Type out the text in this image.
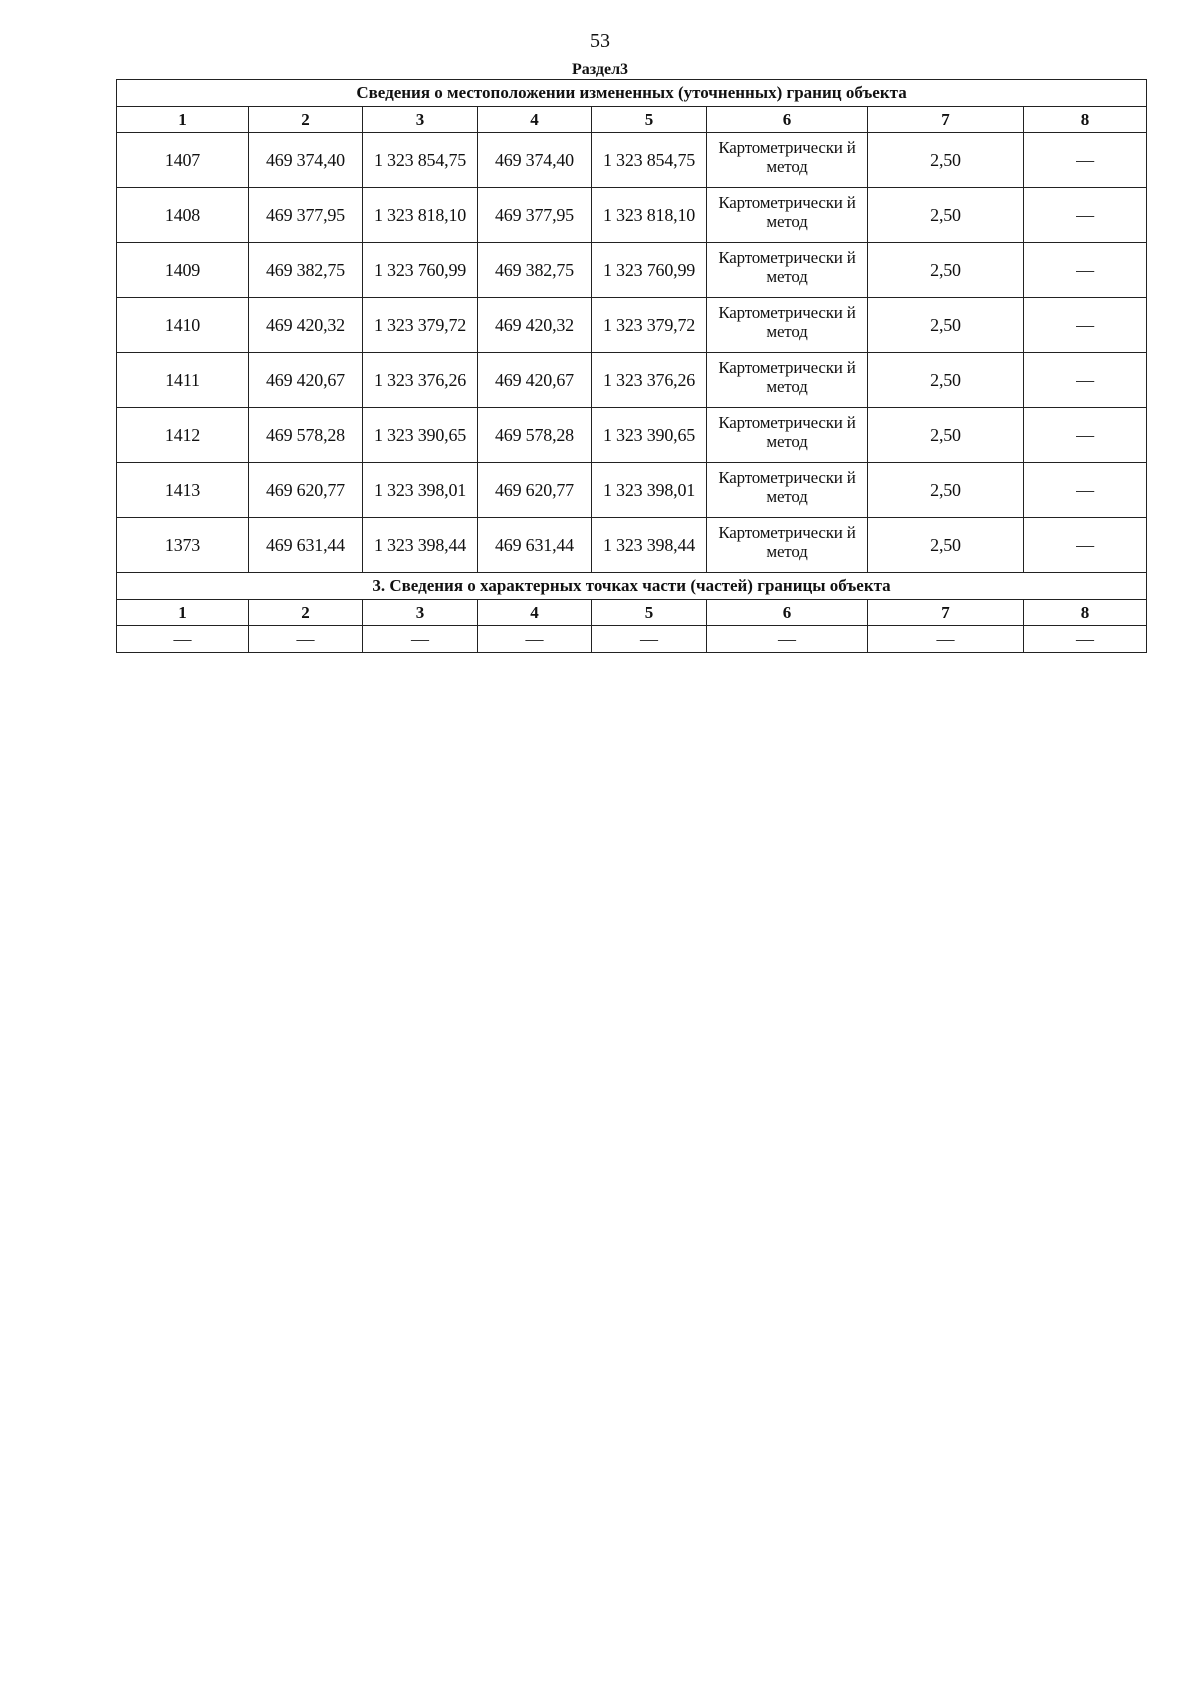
53
Раздел3
Сведения о местоположении измененных (уточненных) границ объекта							
1	2	3	4	5	6	7	8
1407	469 374,40	1 323 854,75	469 374,40	1 323 854,75	Картометрически й метод	2,50	—
1408	469 377,95	1 323 818,10	469 377,95	1 323 818,10	Картометрически й метод	2,50	—
1409	469 382,75	1 323 760,99	469 382,75	1 323 760,99	Картометрически й метод	2,50	—
1410	469 420,32	1 323 379,72	469 420,32	1 323 379,72	Картометрически й метод	2,50	—
1411	469 420,67	1 323 376,26	469 420,67	1 323 376,26	Картометрически й метод	2,50	—
1412	469 578,28	1 323 390,65	469 578,28	1 323 390,65	Картометрически й метод	2,50	—
1413	469 620,77	1 323 398,01	469 620,77	1 323 398,01	Картометрически й метод	2,50	—
1373	469 631,44	1 323 398,44	469 631,44	1 323 398,44	Картометрически й метод	2,50	—
3. Сведения о характерных точках части (частей) границы объекта							
1	2	3	4	5	6	7	8
—	—	—	—	—	—	—	—
